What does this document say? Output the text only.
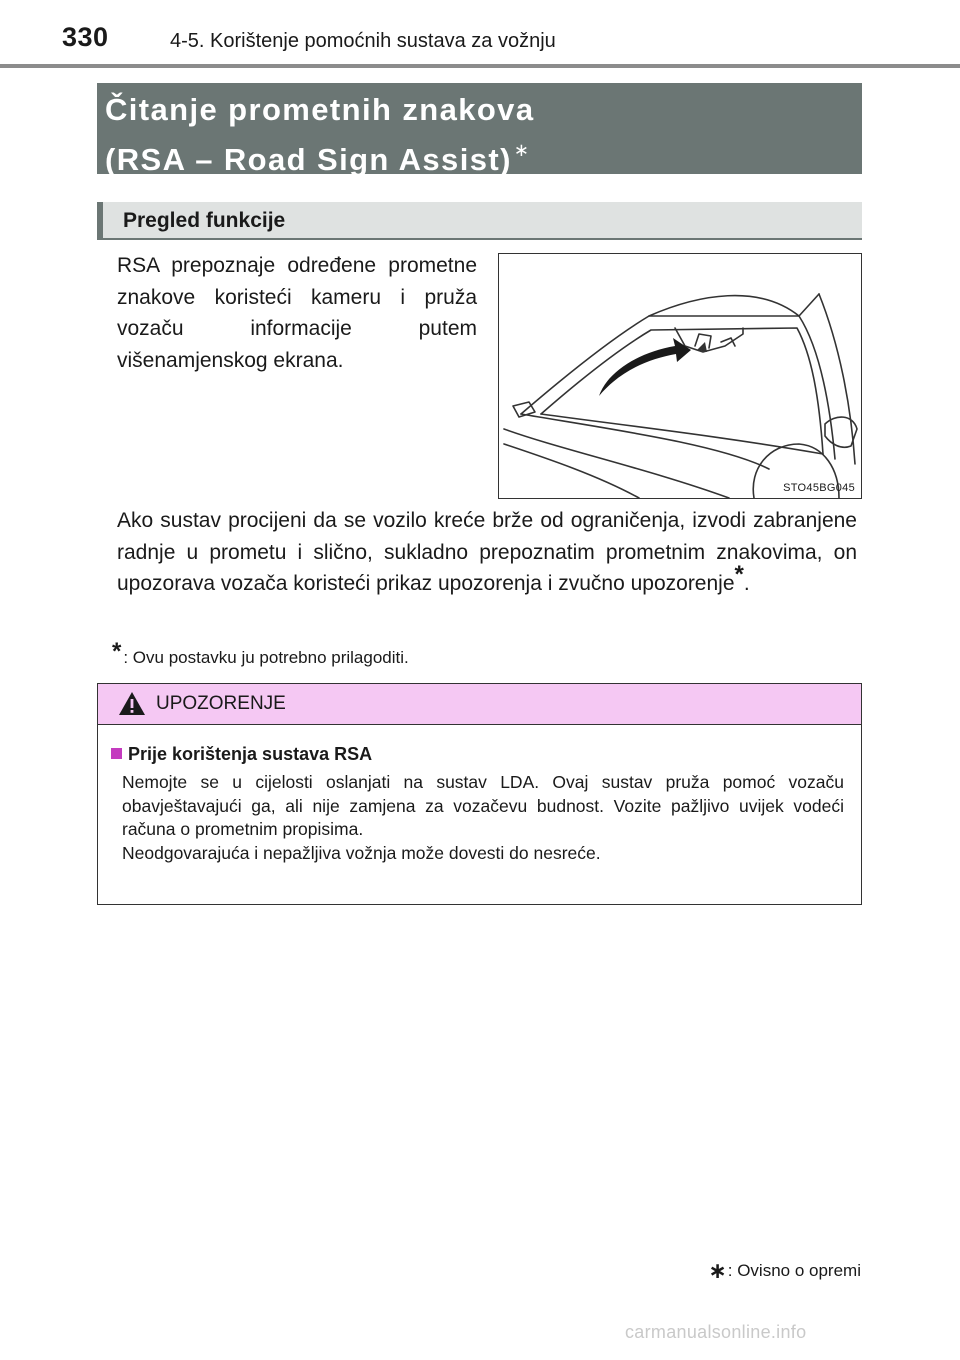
330	4-5. Korištenje pomoćnih sustava za vožnju
Čitanje prometnih znakova
(RSA – Road Sign Assist) ∗
Pregled funkcije
RSA prepoznaje određene prometne znakove koristeći kameru i pruža vozaču informacije putem višenamjenskog ekrana.
STO45BG045
Ako sustav procijeni da se vozilo kreće brže od ograničenja, izvodi zabranjene radnje u prometu i slično, sukladno prepoznatim prometnim znakovima, on upozorava vozača koristeći prikaz upozorenja i zvučno upozorenje*.
* : Ovu postavku ju potrebno prilagoditi.
UPOZORENJE
Prije korištenja sustava RSA
Nemojte se u cijelosti oslanjati na sustav LDA. Ovaj sustav pruža pomoć vozaču obavještavajući ga, ali nije zamjena za vozačevu budnost. Vozite pažljivo uvijek vodeći računa o prometnim propisima.
Neodgovarajuća i nepažljiva vožnja može dovesti do nesreće.
∗: Ovisno o opremi
carmanualsonline.info
